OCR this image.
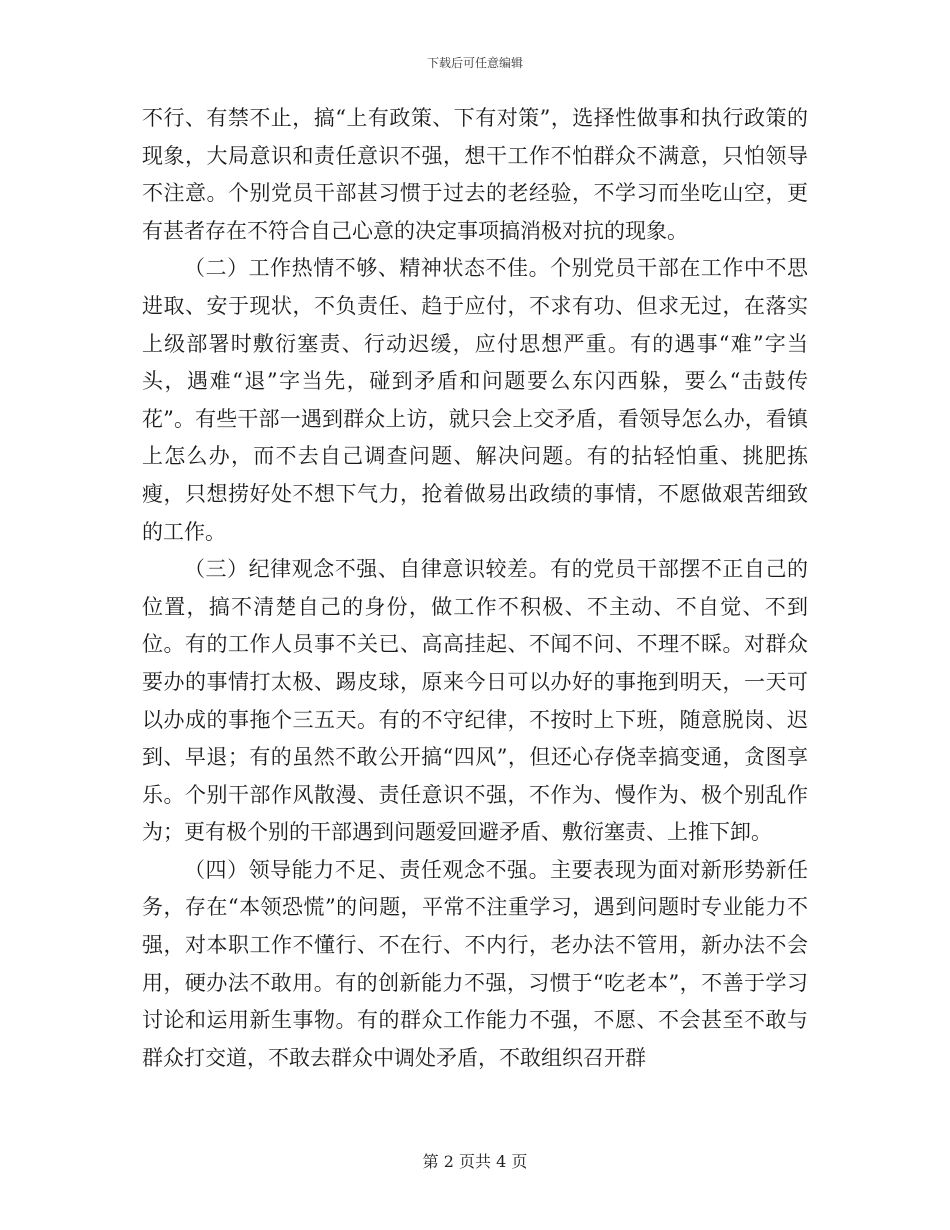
下载后可任意编辑

不行、有禁不止，搞“上有政策、下有对策”，选择性做事和执行政策的现象，大局意识和责任意识不强，想干工作不怕群众不满意，只怕领导不注意。个别党员干部甚习惯于过去的老经验，不学习而坐吃山空，更有甚者存在不符合自己心意的决定事项搞消极对抗的现象。

（二）工作热情不够、精神状态不佳。个别党员干部在工作中不思进取、安于现状，不负责任、趋于应付，不求有功、但求无过，在落实上级部署时敷衍塞责、行动迟缓，应付思想严重。有的遇事“难”字当头，遇难“退”字当先，碰到矛盾和问题要么东闪西躲，要么“击鼓传花”。有些干部一遇到群众上访，就只会上交矛盾，看领导怎么办，看镇上怎么办，而不去自己调查问题、解决问题。有的拈轻怕重、挑肥拣瘦，只想捞好处不想下气力，抢着做易出政绩的事情，不愿做艰苦细致的工作。

（三）纪律观念不强、自律意识较差。有的党员干部摆不正自己的位置，搞不清楚自己的身份，做工作不积极、不主动、不自觉、不到位。有的工作人员事不关已、高高挂起、不闻不问、不理不睬。对群众要办的事情打太极、踢皮球，原来今日可以办好的事拖到明天，一天可以办成的事拖个三五天。有的不守纪律，不按时上下班，随意脱岗、迟到、早退；有的虽然不敢公开搞“四风”，但还心存侥幸搞变通，贪图享乐。个别干部作风散漫、责任意识不强，不作为、慢作为、极个别乱作为；更有极个别的干部遇到问题爱回避矛盾、敷衍塞责、上推下卸。

（四）领导能力不足、责任观念不强。主要表现为面对新形势新任务，存在“本领恐慌”的问题，平常不注重学习，遇到问题时专业能力不强，对本职工作不懂行、不在行、不内行，老办法不管用，新办法不会用，硬办法不敢用。有的创新能力不强，习惯于“吃老本”，不善于学习讨论和运用新生事物。有的群众工作能力不强，不愿、不会甚至不敢与群众打交道，不敢去群众中调处矛盾，不敢组织召开群

第 2 页共 4 页
